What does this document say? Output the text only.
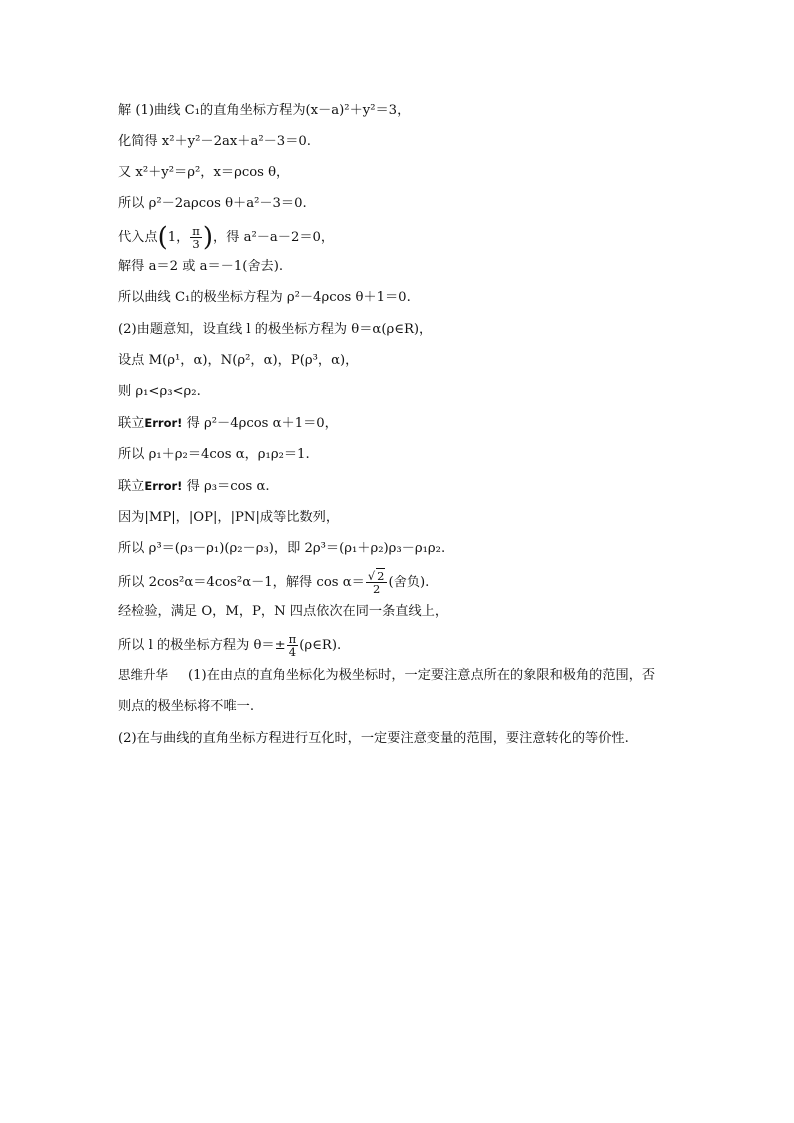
解 (1)曲线 C₁的直角坐标方程为(x－a)²＋y²＝3，
化简得 x²＋y²－2ax＋a²－3＝0.
又 x²＋y²＝ρ²，x＝ρcos θ，
所以 ρ²－2aρcos θ＋a²－3＝0.
代入点(1， $\frac{\pi}{3}$ )，得 a²－a－2＝0，
解得 a＝2 或 a＝－1(舍去).
所以曲线 C₁的极坐标方程为 ρ²－4ρcos θ＋1＝0.
(2)由题意知，设直线 l 的极坐标方程为 θ＝α(ρ∈R)，
设点 M(ρ¹，α)，N(ρ²，α)，P(ρ³，α)，
则 ρ₁<ρ₃<ρ₂.
联立Error! 得 ρ²－4ρcos α＋1＝0，
所以 ρ₁＋ρ₂＝4cos α，ρ₁ρ₂＝1.
联立Error! 得 ρ₃＝cos α.
因为|MP|，|OP|，|PN|成等比数列，
所以 ρ³＝(ρ₃－ρ₁)(ρ₂－ρ₃)，即 2ρ³＝(ρ₁＋ρ₂)ρ₃－ρ₁ρ₂.
所以 2cos²α＝4cos²α－1，解得 $\cos \alpha= \frac{√ 2}{2}$ (舍负).
经检验，满足 O，M，P，N 四点依次在同一条直线上，
所以 l 的极坐标方程为 $\theta=\pm \frac{\pi}{4}$ (ρ∈R).
思维升华 (1)在由点的直角坐标化为极坐标时，一定要注意点所在的象限和极角的范围，否
则点的极坐标将不唯一.
(2)在与曲线的直角坐标方程进行互化时，一定要注意变量的范围，要注意转化的等价性.
